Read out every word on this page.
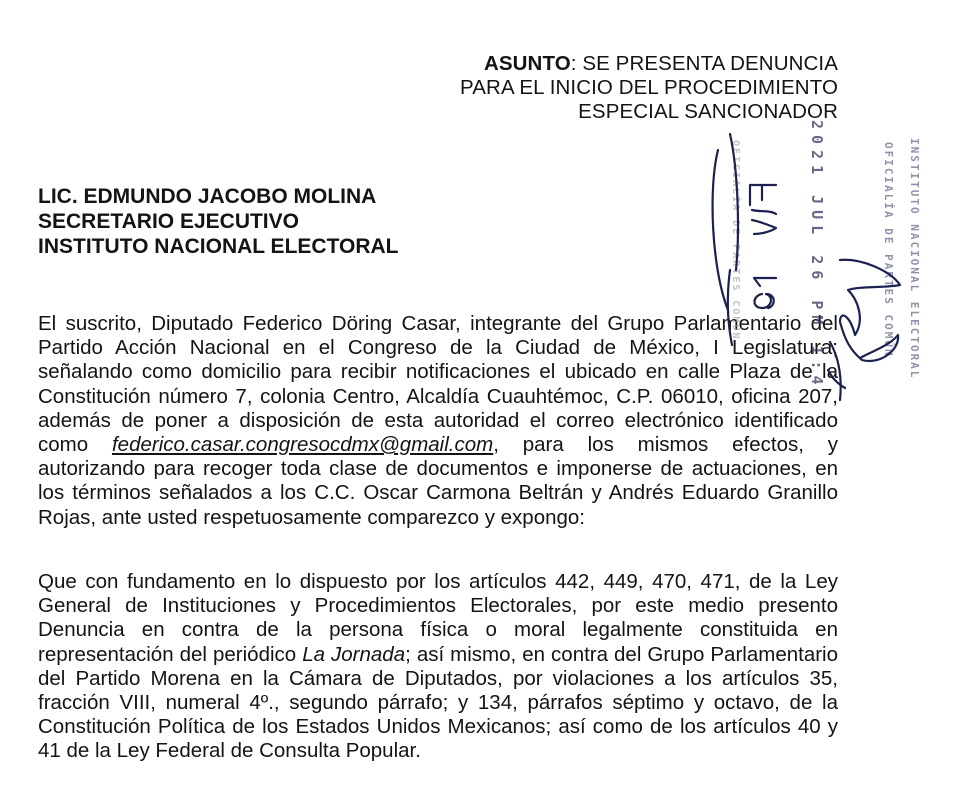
ASUNTO: SE PRESENTA DENUNCIA
PARA EL INICIO DEL PROCEDIMIENTO
ESPECIAL SANCIONADOR
LIC. EDMUNDO JACOBO MOLINA
SECRETARIO EJECUTIVO
INSTITUTO NACIONAL ELECTORAL
El suscrito, Diputado Federico Döring Casar, integrante del Grupo Parlamentario del Partido Acción Nacional en el Congreso de la Ciudad de México, I Legislatura; señalando como domicilio para recibir notificaciones el ubicado en calle Plaza de la Constitución número 7, colonia Centro, Alcaldía Cuauhtémoc, C.P. 06010, oficina 207, además de poner a disposición de esta autoridad el correo electrónico identificado como federico.casar.congresocdmx@gmail.com, para los mismos efectos, y autorizando para recoger toda clase de documentos e imponerse de actuaciones, en los términos señalados a los C.C. Oscar Carmona Beltrán y Andrés Eduardo Granillo Rojas, ante usted respetuosamente comparezco y expongo:
Que con fundamento en lo dispuesto por los artículos 442, 449, 470, 471, de la Ley General de Instituciones y Procedimientos Electorales, por este medio presento Denuncia en contra de la persona física o moral legalmente constituida en representación del periódico La Jornada; así mismo, en contra del Grupo Parlamentario del Partido Morena en la Cámara de Diputados, por violaciones a los artículos 35, fracción VIII, numeral 4º., segundo párrafo; y 134, párrafos séptimo y octavo, de la Constitución Política de los Estados Unidos Mexicanos; así como de los artículos 40 y 41 de la Ley Federal de Consulta Popular.
OFICIALÍA DE PARTES COMÚN	2021 JUL 26 PM 1:4	OFICIALÍA DE PARTES COMÚN INSTITUTO NACIONAL ELECTORAL
